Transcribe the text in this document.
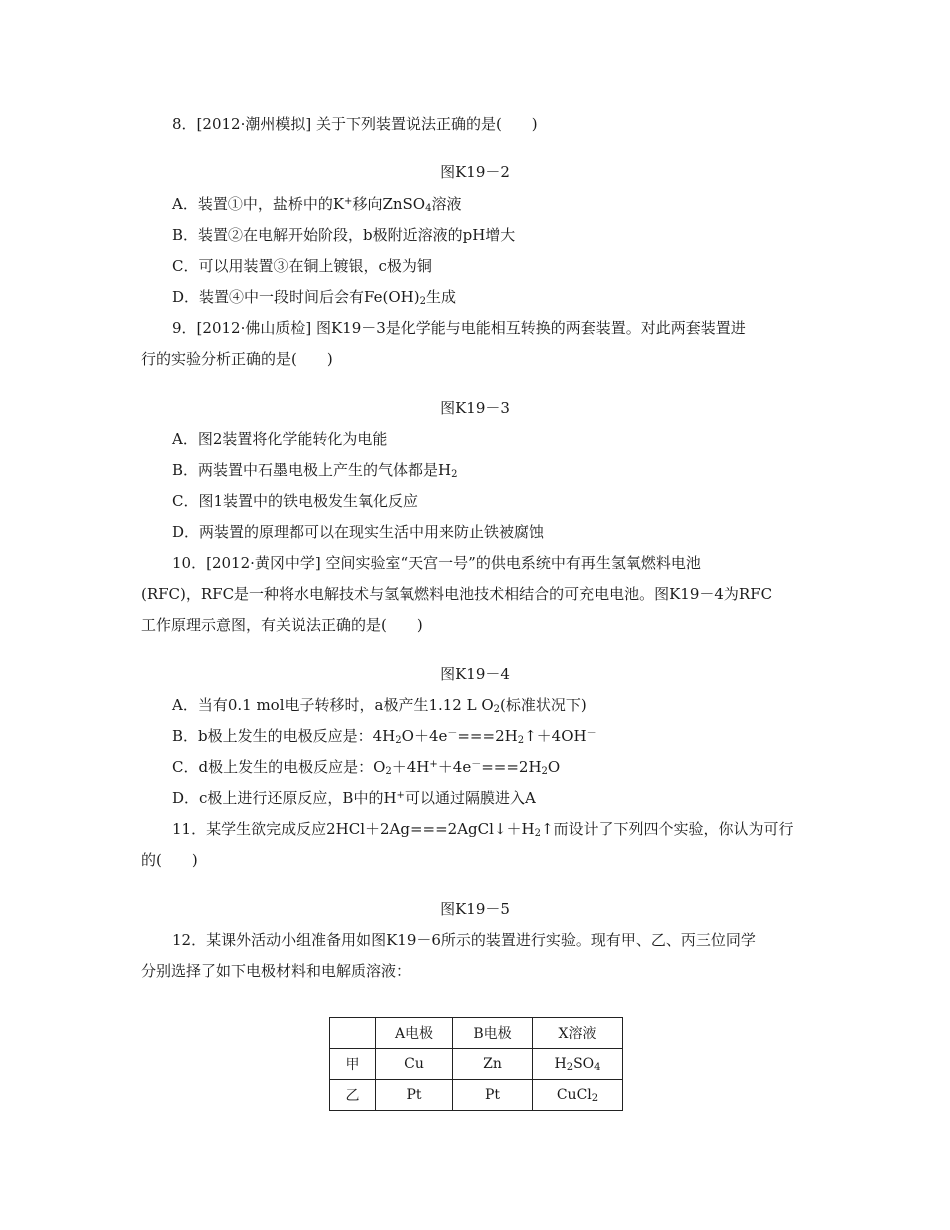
8．[2012·潮州模拟] 关于下列装置说法正确的是(　　)
图K19－2
A．装置①中，盐桥中的K+移向ZnSO$_4$溶液
B．装置②在电解开始阶段，b极附近溶液的pH增大
C．可以用装置③在铜上镀银，c极为铜
D．装置④中一段时间后会有$Fe(OH)_2$生成
9．[2012·佛山质检] 图K19－3是化学能与电能相互转换的两套装置。对此两套装置进
行的实验分析正确的是(　　)
图K19－3
A．图2装置将化学能转化为电能
B．两装置中石墨电极上产生的气体都是$H_2$
C．图1装置中的铁电极发生氧化反应
D．两装置的原理都可以在现实生活中用来防止铁被腐蚀
10．[2012·黄冈中学] 空间实验室“天宫一号”的供电系统中有再生氢氧燃料电池
(RFC)，RFC是一种将水电解技术与氢氧燃料电池技术相结合的可充电电池。图K19－4为RFC
工作原理示意图，有关说法正确的是(　　)
图K19－4
A．当有0.1 mol电子转移时，a极产生1.12 L $O_2$(标准状况下)
B．b极上发生的电极反应是：$4H_2O+4e^-===2H_2↑+4OH^-$
C．d极上发生的电极反应是：$O_2+4H^++4e^-===2H_2O$
D．c极上进行还原反应，B中的H+可以通过隔膜进入A
11．某学生欲完成反应$2HCl+2Ag===2AgCl↓+H_2↑$而设计了下列四个实验，你认为可行
的(　　)
图K19－5
12．某课外活动小组准备用如图K19－6所示的装置进行实验。现有甲、乙、丙三位同学
分别选择了如下电极材料和电解质溶液：
	A电极	B电极	X溶液
甲	Cu	Zn	$H_2SO_4$
乙	Pt	Pt	CuCl$_2$
